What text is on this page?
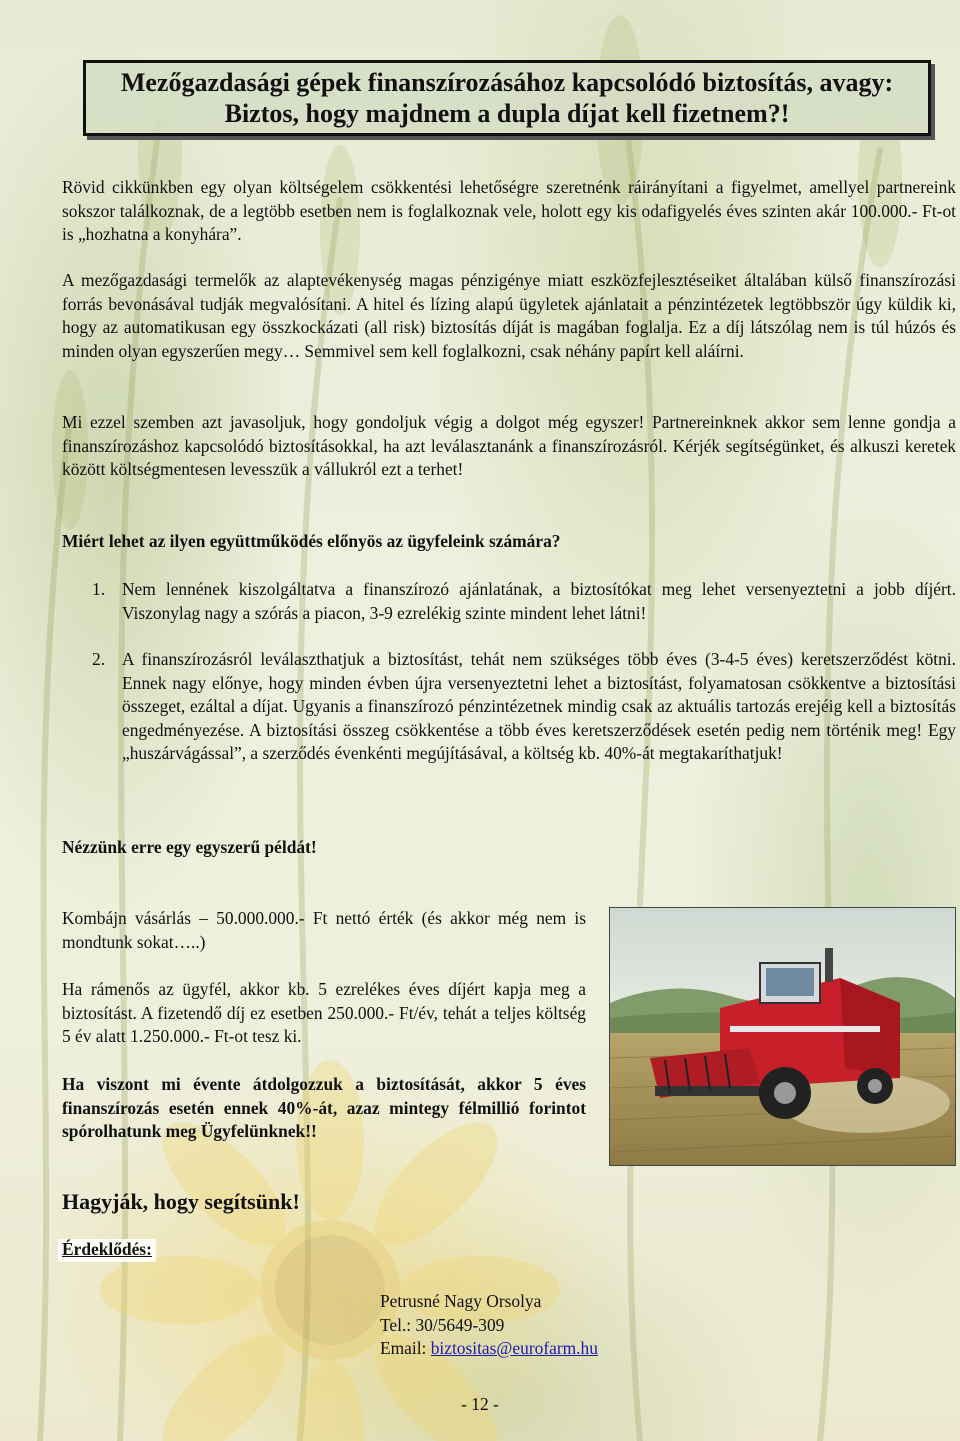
Mezőgazdasági gépek finanszírozásához kapcsolódó biztosítás, avagy:
Biztos, hogy majdnem a dupla díjat kell fizetnem?!
Rövid cikkünkben egy olyan költségelem csökkentési lehetőségre szeretnénk ráirányítani a figyelmet, amellyel partnereink sokszor találkoznak, de a legtöbb esetben nem is foglalkoznak vele, holott egy kis odafigyelés éves szinten akár 100.000.- Ft-ot is „hozhatna a konyhára”.
A mezőgazdasági termelők az alaptevékenység magas pénzigénye miatt eszközfejlesztéseiket általában külső finanszírozási forrás bevonásával tudják megvalósítani. A hitel és lízing alapú ügyletek ajánlatait a pénzintézetek legtöbbször úgy küldik ki, hogy az automatikusan egy összkockázati (all risk) biztosítás díját is magában foglalja. Ez a díj látszólag nem is túl húzós és minden olyan egyszerűen megy… Semmivel sem kell foglalkozni, csak néhány papírt kell aláírni.
Mi ezzel szemben azt javasoljuk, hogy gondoljuk végig a dolgot még egyszer! Partnereinknek akkor sem lenne gondja a finanszírozáshoz kapcsolódó biztosításokkal, ha azt leválasztanánk a finanszírozásról. Kérjék segítségünket, és alkuszi keretek között költségmentesen levesszük a vállukról ezt a terhet!
Miért lehet az ilyen együttműködés előnyös az ügyfeleink számára?
1. Nem lennének kiszolgáltatva a finanszírozó ajánlatának, a biztosítókat meg lehet versenyeztetni a jobb díjért. Viszonylag nagy a szórás a piacon, 3-9 ezrelékig szinte mindent lehet látni!
2. A finanszírozásról leválaszthatjuk a biztosítást, tehát nem szükséges több éves (3-4-5 éves) keretszerződést kötni. Ennek nagy előnye, hogy minden évben újra versenyeztetni lehet a biztosítást, folyamatosan csökkentve a biztosítási összeget, ezáltal a díjat. Ugyanis a finanszírozó pénzintézetnek mindig csak az aktuális tartozás erejéig kell a biztosítás engedményezése. A biztosítási összeg csökkentése a több éves keretszerződések esetén pedig nem történik meg! Egy „huszárvágással”, a szerződés évenkénti megújításával, a költség kb. 40%-át megtakaríthatjuk!
Nézzünk erre egy egyszerű példát!
Kombájn vásárlás – 50.000.000.- Ft nettó érték (és akkor még nem is mondtunk sokat…..)
Ha rámenős az ügyfél, akkor kb. 5 ezrelékes éves díjért kapja meg a biztosítást. A fizetendő díj ez esetben 250.000.- Ft/év, tehát a teljes költség 5 év alatt 1.250.000.- Ft-ot tesz ki.
Ha viszont mi évente átdolgozzuk a biztosítását, akkor 5 éves finanszírozás esetén ennek 40%-át, azaz mintegy félmillió forintot spórolhatunk meg Ügyfelünknek!!
Hagyják, hogy segítsünk!
Érdeklődés:
Petrusné Nagy Orsolya
Tel.: 30/5649-309
Email: biztositas@eurofarm.hu
- 12 -
